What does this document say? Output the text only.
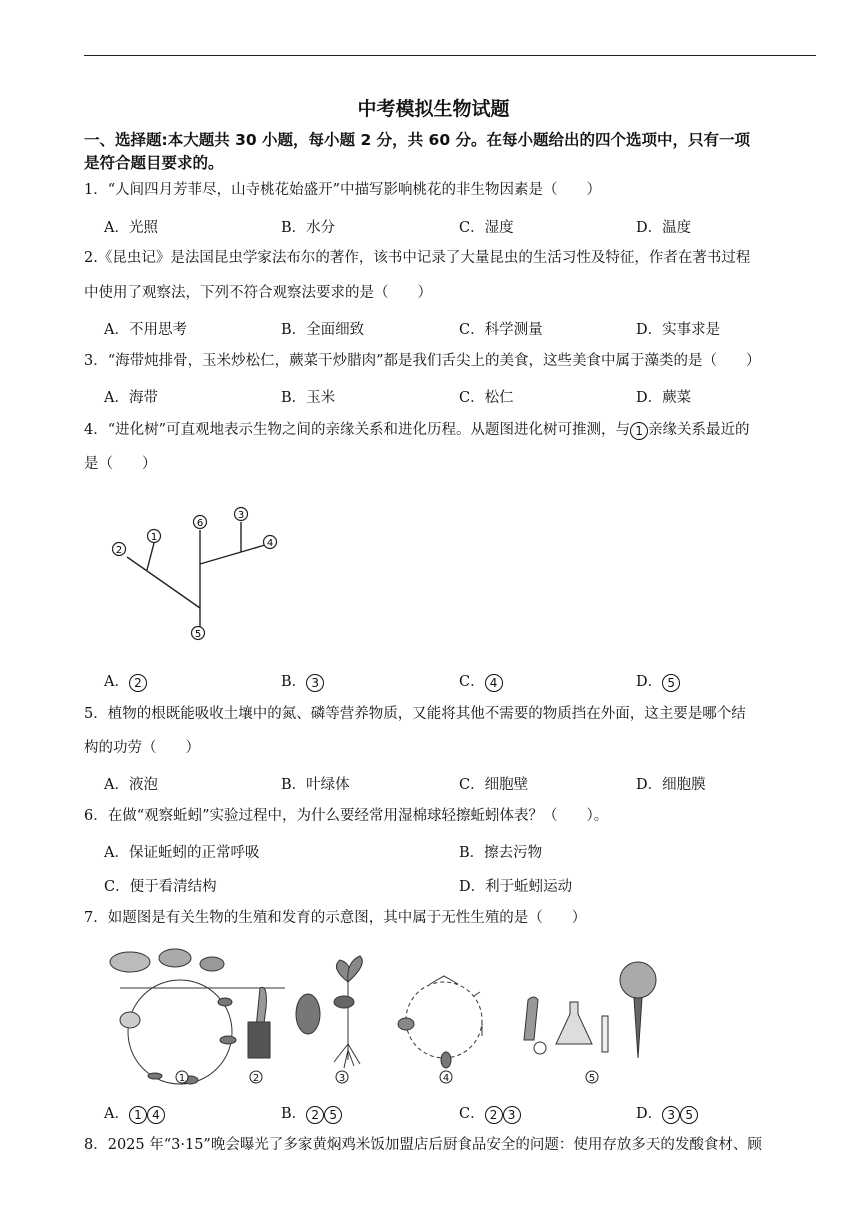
中考模拟生物试题
一、选择题:本大题共 30 小题，每小题 2 分，共 60 分。在每小题给出的四个选项中，只有一项
是符合题目要求的。
1．“人间四月芳菲尽，山寺桃花始盛开”中描写影响桃花的非生物因素是（　　）
A．光照	B．水分	C．湿度	D．温度
2.《昆虫记》是法国昆虫学家法布尔的著作，该书中记录了大量昆虫的生活习性及特征，作者在著书过程
中使用了观察法，下列不符合观察法要求的是（　　）
A．不用思考	B．全面细致	C．科学测量	D．实事求是
3．“海带炖排骨，玉米炒松仁，蕨菜干炒腊肉”都是我们舌尖上的美食，这些美食中属于藻类的是（　　）
A．海带	B．玉米	C．松仁	D．蕨菜
4．“进化树”可直观地表示生物之间的亲缘关系和进化历程。从题图进化树可推测，与 1 亲缘关系最近的
是（　　）
1
2
3
4
5
6
A． 2	B． 3	C． 4	D． 5
5．植物的根既能吸收土壤中的氮、磷等营养物质，又能将其他不需要的物质挡在外面，这主要是哪个结
构的功劳（　　）
A．液泡	B．叶绿体	C．细胞壁	D．细胞膜
6．在做“观察蚯蚓”实验过程中，为什么要经常用湿棉球轻擦蚯蚓体表？（　　）。
A．保证蚯蚓的正常呼吸	B．擦去污物
C．便于看清结构	D．利于蚯蚓运动
7．如题图是有关生物的生殖和发育的示意图，其中属于无性生殖的是（　　）
1	2	3	4	5
A． 1 4	B． 2 5	C． 2 3	D． 3 5
8．2025 年“3·15”晚会曝光了多家黄焖鸡米饭加盟店后厨食品安全的问题：使用存放多天的发酸食材、顾
